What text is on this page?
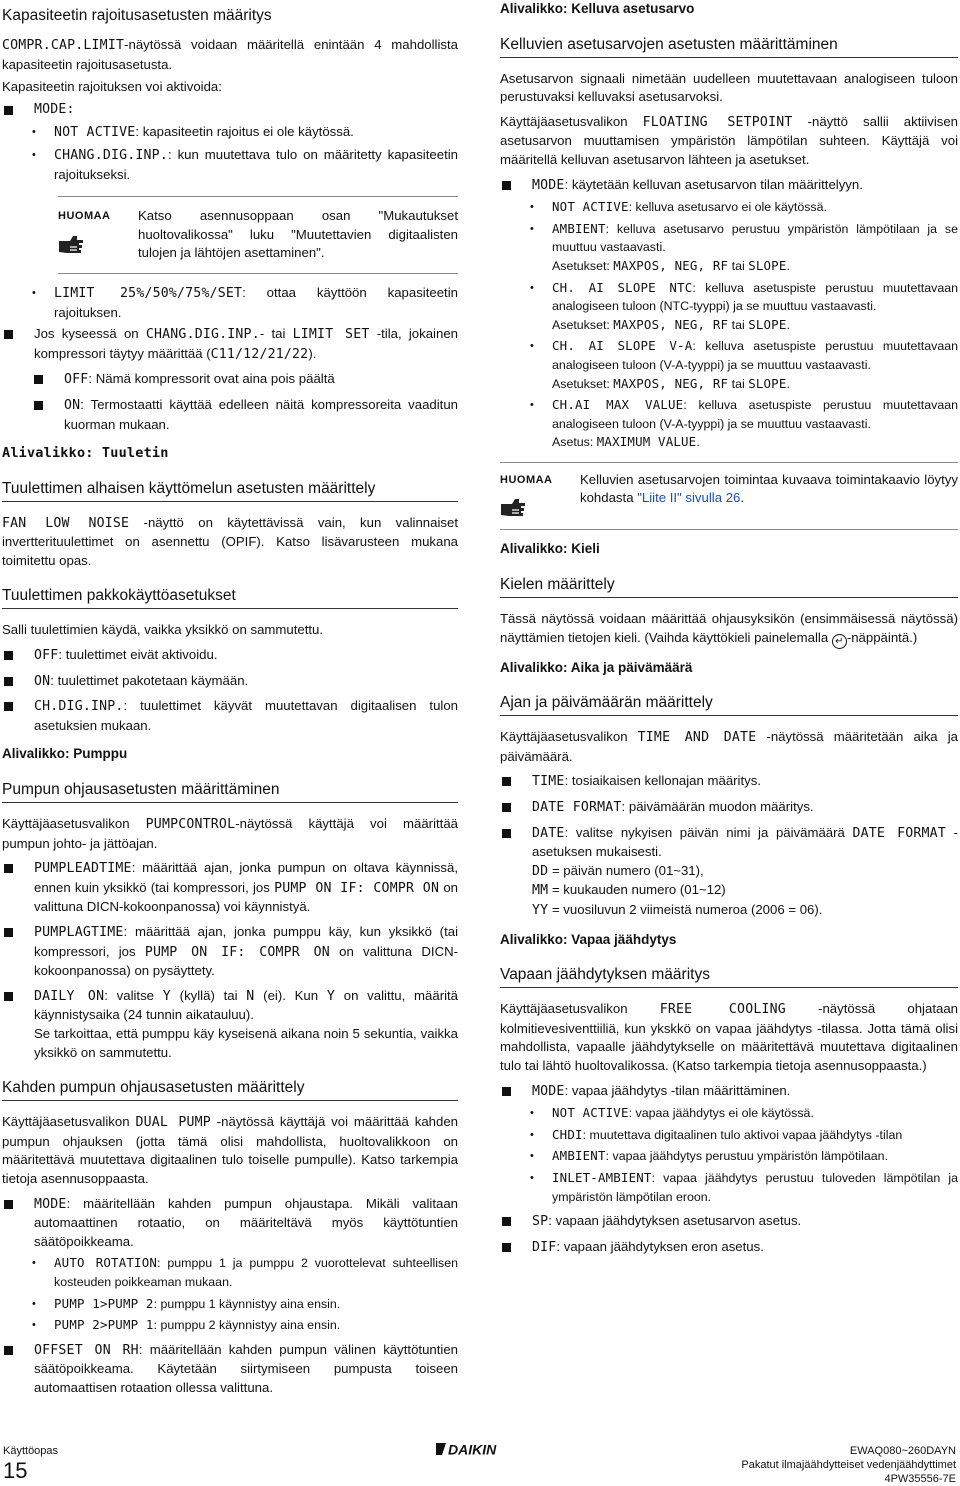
Kapasiteetin rajoitusasetusten määritys

COMPR.CAP.LIMIT-näytössä voidaan määritellä enintään 4 mahdollista kapasiteetin rajoitusasetusta.

Kapasiteetin rajoituksen voi aktivoida:

MODE:
• NOT ACTIVE: kapasiteetin rajoitus ei ole käytössä.
• CHANG.DIG.INP.: kun muutettava tulo on määritetty kapasiteetin rajoitukseksi.
HUOMAA Katso asennusoppaan osan "Mukautukset huoltovalikossa" luku "Muutettavien digitaalisten tulojen ja lähtöjen asettaminen".
• LIMIT 25%/50%/75%/SET: ottaa käyttöön kapasiteetin rajoituksen.
Jos kyseessä on CHANG.DIG.INP.- tai LIMIT SET -tila, jokainen kompressori täytyy määrittää (C11/12/21/22).
OFF: Nämä kompressorit ovat aina pois päältä
ON: Termostaatti käyttää edelleen näitä kompressoreita vaaditun kuorman mukaan.
Alivalikko: Tuuletin
Tuulettimen alhaisen käyttömelun asetusten määrittely

FAN LOW NOISE -näyttö on käytettävissä vain, kun valinnaiset invertterituulettimet on asennettu (OPIF). Katso lisävarusteen mukana toimitettu opas.

Tuulettimen pakkokäyttöasetukset

Salli tuulettimien käydä, vaikka yksikkö on sammutettu.

OFF: tuulettimet eivät aktivoidu.
ON: tuulettimet pakotetaan käymään.
CH.DIG.INP.: tuulettimet käyvät muutettavan digitaalisen tulon asetuksien mukaan.
Alivalikko: Pumppu
Pumpun ohjausasetusten määrittäminen

Käyttäjäasetusvalikon PUMPCONTROL-näytössä käyttäjä voi määrittää pumpun johto- ja jättöajan.

PUMPLEADTIME: määrittää ajan, jonka pumpun on oltava käynnissä, ennen kuin yksikkö (tai kompressori, jos PUMP ON IF: COMPR ON on valittuna DICN-kokoonpanossa) voi käynnistyä.
PUMPLAGTIME: määrittää ajan, jonka pumppu käy, kun yksikkö (tai kompressori, jos PUMP ON IF: COMPR ON on valittuna DICN-kokoonpanossa) on pysäyttety.
DAILY ON: valitse Y (kyllä) tai N (ei). Kun Y on valittu, määritä käynnistysaika (24 tunnin aikatauluu).
Se tarkoittaa, että pumppu käy kyseisenä aikana noin 5 sekuntia, vaikka yksikkö on sammutettu.
Kahden pumpun ohjausasetusten määrittely

Käyttäjäasetusvalikon DUAL PUMP -näytössä käyttäjä voi määrittää kahden pumpun ohjauksen (jotta tämä olisi mahdollista, huoltovalikkoon on määritettävä muutettava digitaalinen tulo toiselle pumpulle). Katso tarkempia tietoja asennusoppaasta.

MODE: määritellään kahden pumpun ohjaustapa. Mikäli valitaan automaattinen rotaatio, on määriteltävä myös käyttötuntien säätöpoikkeama.
• AUTO ROTATION: pumppu 1 ja pumppu 2 vuorottelevat suhteellisen kosteuden poikkeaman mukaan.
• PUMP 1>PUMP 2: pumppu 1 käynnistyy aina ensin.
• PUMP 2>PUMP 1: pumppu 2 käynnistyy aina ensin.
OFFSET ON RH: määritellään kahden pumpun välinen käyttötuntien säätöpoikkeama. Käytetään siirtymiseen pumpusta toiseen automaattisen rotaation ollessa valittuna.
Alivalikko: Kelluva asetusarvo
Kelluvien asetusarvojen asetusten määrittäminen

Asetusarvon signaali nimetään uudelleen muutettavaan analogiseen tuloon perustuvaksi kelluvaksi asetusarvoksi.

Käyttäjäasetusvalikon FLOATING SETPOINT -näyttö sallii aktiivisen asetusarvon muuttamisen ympäristön lämpötilan suhteen. Käyttäjä voi määritellä kelluvan asetusarvon lähteen ja asetukset.

MODE: käytetään kelluvan asetusarvon tilan määrittelyyn.
• NOT ACTIVE: kelluva asetusarvo ei ole käytössä.
• AMBIENT: kelluva asetusarvo perustuu ympäristön lämpötilaan ja se muuttuu vastaavasti.
Asetukset: MAXPOS, NEG, RF tai SLOPE.
• CH. AI SLOPE NTC: kelluva asetuspiste perustuu muutettavaan analogiseen tuloon (NTC-tyyppi) ja se muuttuu vastaavasti.
Asetukset: MAXPOS, NEG, RF tai SLOPE.
• CH. AI SLOPE V-A: kelluva asetuspiste perustuu muutettavaan analogiseen tuloon (V-A-tyyppi) ja se muuttuu vastaavasti.
Asetukset: MAXPOS, NEG, RF tai SLOPE.
• CH.AI MAX VALUE: kelluva asetuspiste perustuu muutettavaan analogiseen tuloon (V-A-tyyppi) ja se muuttuu vastaavasti.
Asetus: MAXIMUM VALUE.
HUOMAA Kelluvien asetusarvojen toimintaa kuvaava toimintakaavio löytyy kohdasta "Liite II" sivulla 26.
Alivalikko: Kieli
Kielen määrittely

Tässä näytössä voidaan määrittää ohjausyksikön (ensimmäisessä näytössä) näyttämien tietojen kieli. (Vaihda käyttökieli painelemalla ↵ -näppäintä.)

Alivalikko: Aika ja päivämäärä
Ajan ja päivämäärän määrittely

Käyttäjäasetusvalikon TIME AND DATE -näytössä määritetään aika ja päivämäärä.

TIME: tosiaikaisen kellonajan määritys.
DATE FORMAT: päivämäärän muodon määritys.
DATE: valitse nykyisen päivän nimi ja päivämäärä DATE FORMAT -asetuksen mukaisesti.
DD = päivän numero (01~31),
MM = kuukauden numero (01~12)
YY = vuosiluvun 2 viimeistä numeroa (2006 = 06).
Alivalikko: Vapaa jäähdytys
Vapaan jäähdytyksen määritys

Käyttäjäasetusvalikon FREE COOLING -näytössä ohjataan kolmitievesiventtiiliä, kun ykskkö on vapaa jäähdytys -tilassa. Jotta tämä olisi mahdollista, vapaalle jäähdytykselle on määritettävä muutettava digitaalinen tulo tai lähtö huoltovalikossa. (Katso tarkempia tietoja asennusoppaasta.)

MODE: vapaa jäähdytys -tilan määrittäminen.
• NOT ACTIVE: vapaa jäähdytys ei ole käytössä.
• CHDI: muutettava digitaalinen tulo aktivoi vapaa jäähdytys -tilan
• AMBIENT: vapaa jäähdytys perustuu ympäristön lämpötilaan.
• INLET-AMBIENT: vapaa jäähdytys perustuu tuloveden lämpötilan ja ympäristön lämpötilan eroon.
SP: vapaan jäähdytyksen asetusarvon asetus.
DIF: vapaan jäähdytyksen eron asetus.
Käyttöopas
15
DAIKIN	EWAQ080~260DAYN
Pakatut ilmajäähdytteiset vedenjäähdyttimet
4PW35556-7E
